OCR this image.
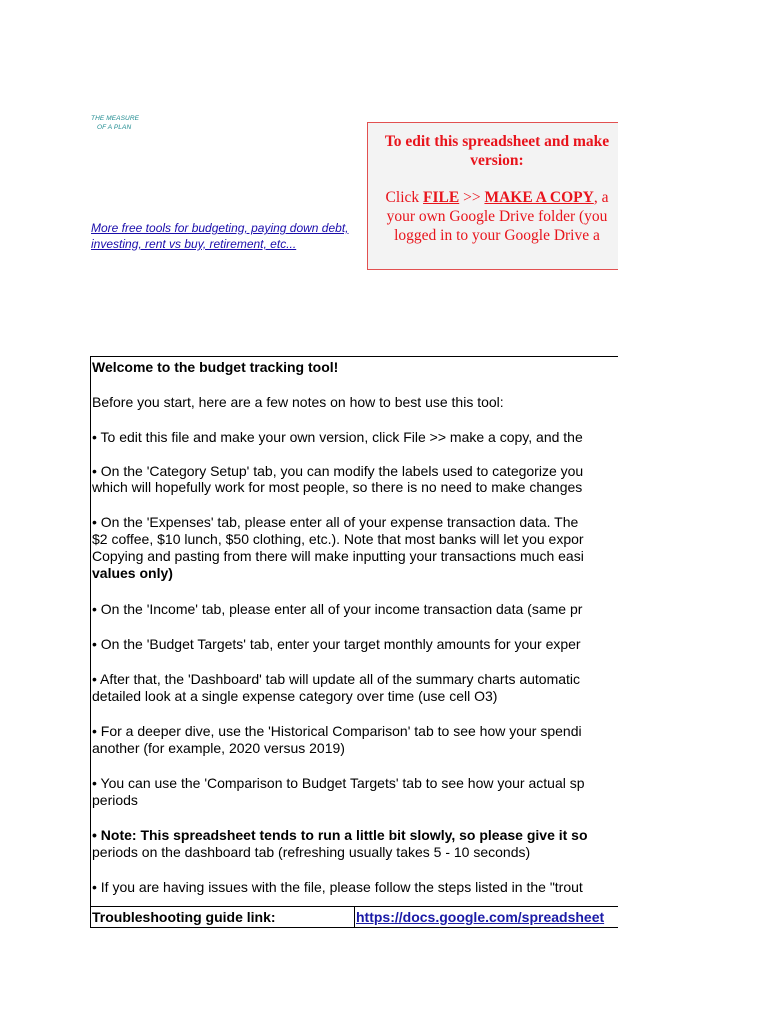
THE MEASURE
OF A PLAN
More free tools for budgeting, paying down debt, investing, rent vs buy, retirement, etc...
To edit this spreadsheet and make
version:
Click FILE >> MAKE A COPY, a
your own Google Drive folder (you
logged in to your Google Drive a
Welcome to the budget tracking tool!
Before you start, here are a few notes on how to best use this tool:
• To edit this file and make your own version, click File >> make a copy, and the
• On the 'Category Setup' tab, you can modify the labels used to categorize you
which will hopefully work for most people, so there is no need to make changes
• On the 'Expenses' tab, please enter all of your expense transaction data. The
$2 coffee, $10 lunch, $50 clothing, etc.). Note that most banks will let you expor
Copying and pasting from there will make inputting your transactions much easi
values only)
• On the 'Income' tab, please enter all of your income transaction data (same pr
• On the 'Budget Targets' tab, enter your target monthly amounts for your exper
• After that, the 'Dashboard' tab will update all of the summary charts automatic
detailed look at a single expense category over time (use cell O3)
• For a deeper dive, use the 'Historical Comparison' tab to see how your spendi
another (for example, 2020 versus 2019)
• You can use the 'Comparison to Budget Targets' tab to see how your actual sp
periods
• Note: This spreadsheet tends to run a little bit slowly, so please give it so
periods on the dashboard tab (refreshing usually takes 5 - 10 seconds)
• If you are having issues with the file, please follow the steps listed in the "trout
Troubleshooting guide link:	https://docs.google.com/spreadsheet
